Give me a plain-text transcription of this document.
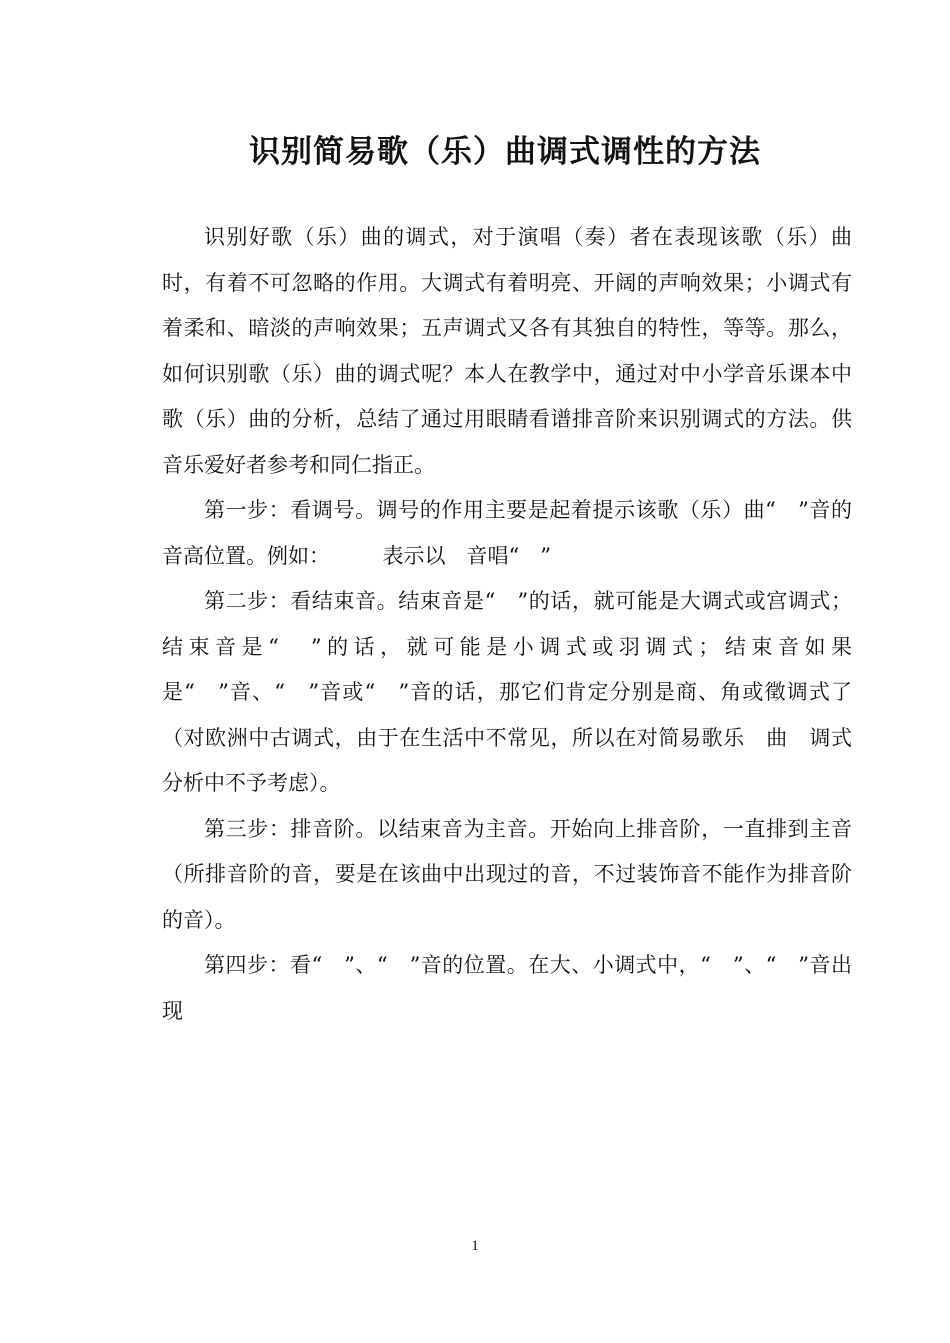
识别简易歌（乐）曲调式调性的方法

识别好歌（乐）曲的调式，对于演唱（奏）者在表现该歌（乐）曲时，有着不可忽略的作用。大调式有着明亮、开阔的声响效果；小调式有着柔和、暗淡的声响效果；五声调式又各有其独自的特性，等等。那么，如何识别歌（乐）曲的调式呢？本人在教学中，通过对中小学音乐课本中歌（乐）曲的分析，总结了通过用眼睛看谱排音阶来识别调式的方法。供音乐爱好者参考和同仁指正。

第一步：看调号。调号的作用主要是起着提示该歌（乐）曲“　”音的音高位置。例如：　　　表示以　音唱“　”

第二步：看结束音。结束音是“　”的话，就可能是大调式或宫调式；结束音是“　”的话，就可能是小调式或羽调式；结束音如果是“　”音、“　”音或“　”音的话，那它们肯定分别是商、角或徵调式了（对欧洲中古调式，由于在生活中不常见，所以在对简易歌乐　曲　调式分析中不予考虑）。

第三步：排音阶。以结束音为主音。开始向上排音阶，一直排到主音（所排音阶的音，要是在该曲中出现过的音，不过装饰音不能作为排音阶的音）。

第四步：看“　”、“　”音的位置。在大、小调式中，“　”、“　”音出现

1
